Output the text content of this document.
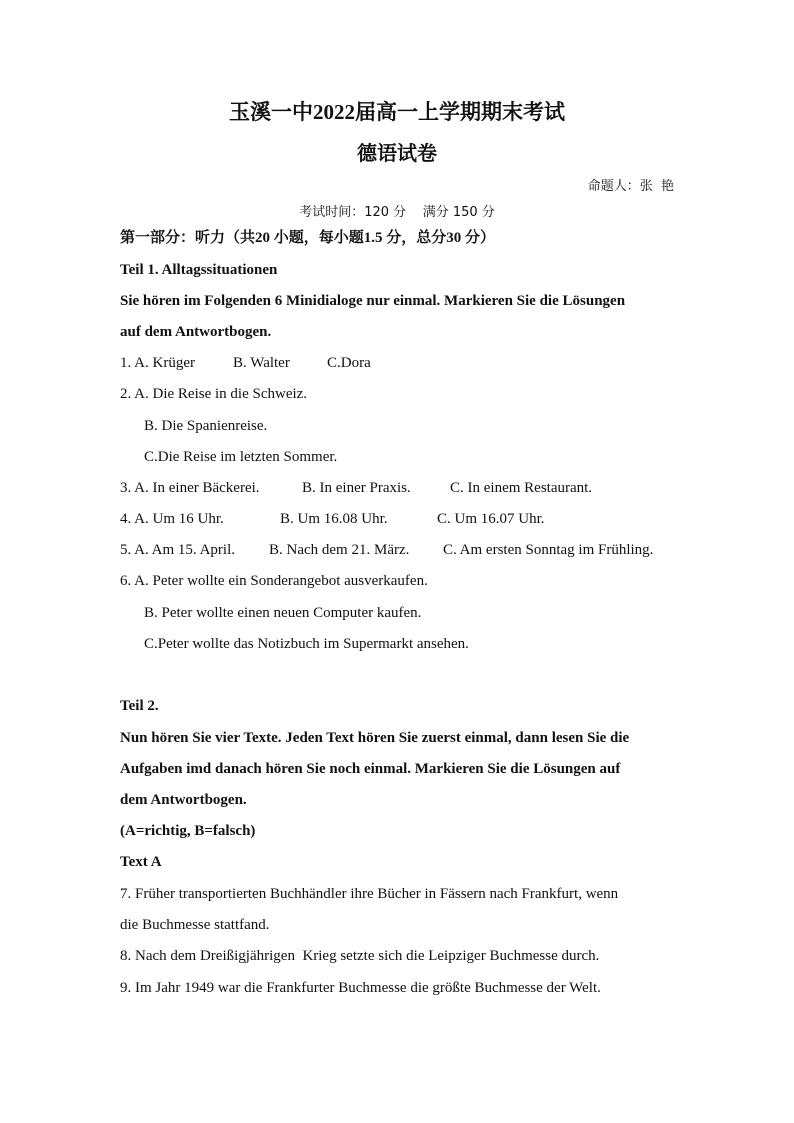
玉溪一中2022届高一上学期期末考试
德语试卷
命题人：张  艳
考试时间：120 分    满分 150 分
第一部分：听力（共20 小题，每小题1.5 分，总分30 分）
Teil 1. Alltagssituationen
Sie hören im Folgenden 6 Minidialoge nur einmal. Markieren Sie die Lösungen
auf dem Antwortbogen.
1. A. Krüger	B. Walter C.Dora
2. A. Die Reise in die Schweiz.
B. Die Spanienreise.
C.Die Reise im letzten Sommer.
3. A. In einer Bäckerei.	B. In einer Praxis.	C. In einem Restaurant.
4. A. Um 16 Uhr.	B. Um 16.08 Uhr.	C. Um 16.07 Uhr.
5. A. Am 15. April. B. Nach dem 21. März. C. Am ersten Sonntag im Frühling.
6. A. Peter wollte ein Sonderangebot ausverkaufen.
B. Peter wollte einen neuen Computer kaufen.
C.Peter wollte das Notizbuch im Supermarkt ansehen.
Teil 2.
Nun hören Sie vier Texte. Jeden Text hören Sie zuerst einmal, dann lesen Sie die
Aufgaben imd danach hören Sie noch einmal. Markieren Sie die Lösungen auf
dem Antwortbogen.
(A=richtig, B=falsch)
Text A
7. Früher transportierten Buchhändler ihre Bücher in Fässern nach Frankfurt, wenn
die Buchmesse stattfand.
8. Nach dem Dreißigjährigen  Krieg setzte sich die Leipziger Buchmesse durch.
9. Im Jahr 1949 war die Frankfurter Buchmesse die größte Buchmesse der Welt.
